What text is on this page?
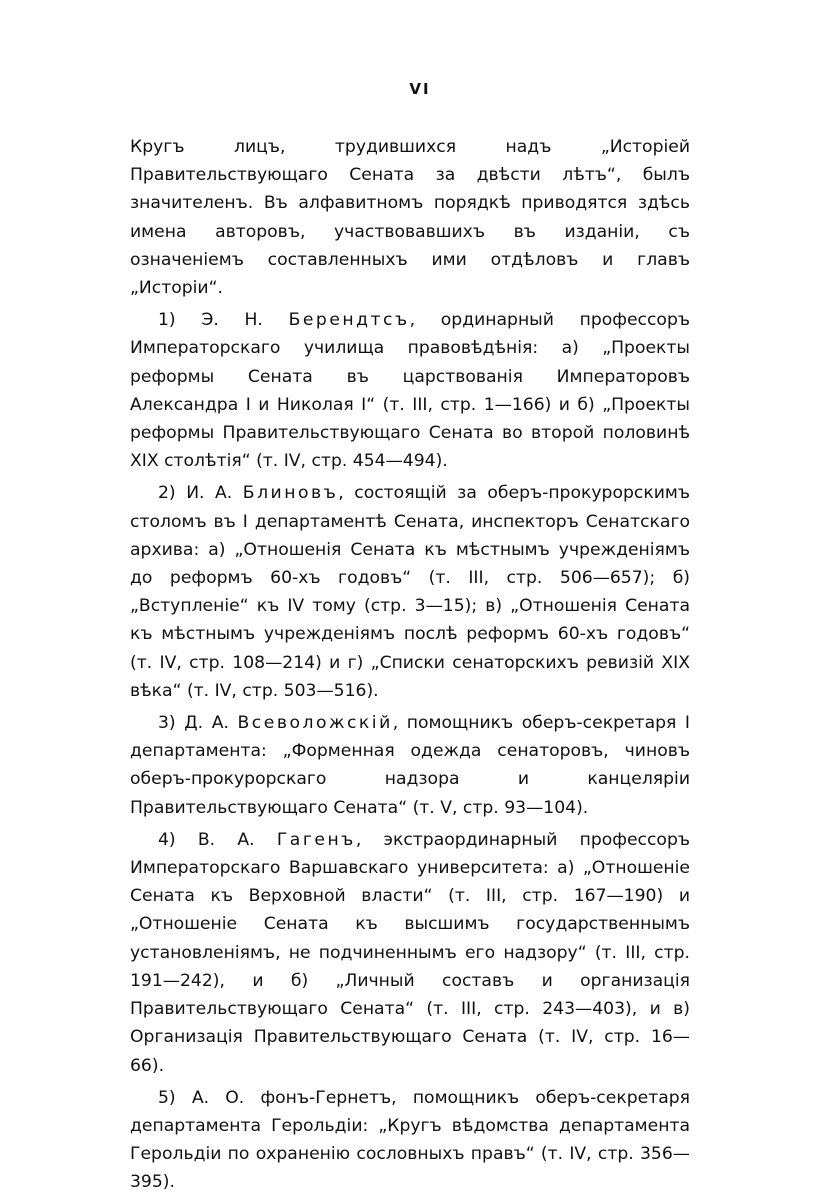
VI

Кругъ лицъ, трудившихся надъ „Исторіей Правительствующаго Сената за двѣсти лѣтъ“, былъ значителенъ. Въ алфавитномъ порядкѣ приводятся здѣсь имена авторовъ, участвовавшихъ въ изданіи, съ означеніемъ составленныхъ ими отдѣловъ и главъ „Исторіи“.

1) Э. Н. Берендтсъ, ординарный профессоръ Императорскаго училища правовѣдѣнія: а) „Проекты реформы Сената въ царствованія Императоровъ Александра I и Николая I“ (т. III, стр. 1—166) и б) „Проекты реформы Правительствующаго Сената во второй половинѣ XIX столѣтія“ (т. IV, стр. 454—494).

2) И. А. Блиновъ, состоящій за оберъ-прокурорскимъ столомъ въ I департаментѣ Сената, инспекторъ Сенатскаго архива: а) „Отношенія Сената къ мѣстнымъ учрежденіямъ до реформъ 60-хъ годовъ“ (т. III, стр. 506—657); б) „Вступленіе“ къ IV тому (стр. 3—15); в) „Отношенія Сената къ мѣстнымъ учрежденіямъ послѣ реформъ 60-хъ годовъ“ (т. IV, стр. 108—214) и г) „Списки сенаторскихъ ревизій XIX вѣка“ (т. IV, стр. 503—516).

3) Д. А. Всеволожскій, помощникъ оберъ-секретаря I департамента: „Форменная одежда сенаторовъ, чиновъ оберъ-прокурорскаго надзора и канцеляріи Правительствующаго Сената“ (т. V, стр. 93—104).

4) В. А. Гагенъ, экстраординарный профессоръ Императорскаго Варшавскаго университета: а) „Отношеніе Сената къ Верховной власти“ (т. III, стр. 167—190) и „Отношеніе Сената къ высшимъ государственнымъ установленіямъ, не подчиненнымъ его надзору“ (т. III, стр. 191—242), и б) „Личный составъ и организація Правительствующаго Сената“ (т. III, стр. 243—403), и в) Организація Правительствующаго Сената (т. IV, стр. 16—66).

5) А. О. фонъ-Гернетъ, помощникъ оберъ-секретаря департамента Герольдіи: „Кругъ вѣдомства департамента Герольдіи по охраненію сословныхъ правъ“ (т. IV, стр. 356—395).
